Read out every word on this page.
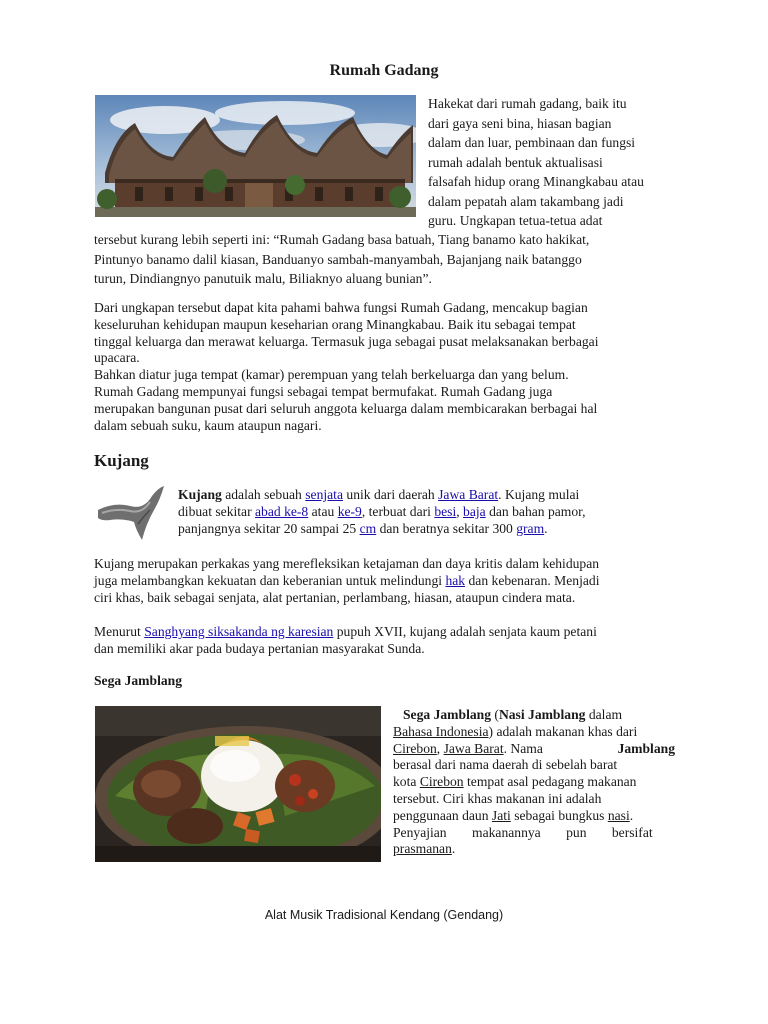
Rumah Gadang

Hakekat dari rumah gadang, baik itu

dari gaya seni bina, hiasan bagian

dalam dan luar, pembinaan dan fungsi

rumah adalah bentuk aktualisasi

falsafah hidup orang Minangkabau atau

dalam pepatah alam takambang jadi

guru. Ungkapan tetua-tetua adat

tersebut kurang lebih seperti ini: “Rumah Gadang basa batuah, Tiang banamo kato hakikat,

Pintunyo banamo dalil kiasan, Banduanyo sambah-manyambah, Bajanjang naik batanggo

turun, Dindiangnyo panutuik malu, Biliaknyo aluang bunian”.

Dari ungkapan tersebut dapat kita pahami bahwa fungsi Rumah Gadang, mencakup bagian

keseluruhan kehidupan maupun keseharian orang Minangkabau. Baik itu sebagai tempat

tinggal keluarga dan merawat keluarga. Termasuk juga sebagai pusat melaksanakan berbagai

upacara.

Bahkan diatur juga tempat (kamar) perempuan yang telah berkeluarga dan yang belum.

Rumah Gadang mempunyai fungsi sebagai tempat bermufakat. Rumah Gadang juga

merupakan bangunan pusat dari seluruh anggota keluarga dalam membicarakan berbagai hal

dalam sebuah suku, kaum ataupun nagari.

Kujang

Kujang adalah sebuah senjata unik dari daerah Jawa Barat. Kujang mulai

dibuat sekitar abad ke-8 atau ke-9, terbuat dari besi, baja dan bahan pamor,

panjangnya sekitar 20 sampai 25 cm dan beratnya sekitar 300 gram.

Kujang merupakan perkakas yang merefleksikan ketajaman dan daya kritis dalam kehidupan

juga melambangkan kekuatan dan keberanian untuk melindungi hak dan kebenaran. Menjadi

ciri khas, baik sebagai senjata, alat pertanian, perlambang, hiasan, ataupun cindera mata.

Menurut Sanghyang siksakanda ng karesian pupuh XVII, kujang adalah senjata kaum petani

dan memiliki akar pada budaya pertanian masyarakat Sunda.

Sega Jamblang

Sega Jamblang (Nasi Jamblang dalam

Bahasa Indonesia) adalah makanan khas dari

Cirebon, Jawa Barat. Nama	Jamblang

berasal dari nama daerah di sebelah barat

kota Cirebon tempat asal pedagang makanan

tersebut. Ciri khas makanan ini adalah

penggunaan daun Jati sebagai bungkus nasi.

Penyajian makanannya pun bersifat

prasmanan.

Alat Musik Tradisional Kendang (Gendang)
